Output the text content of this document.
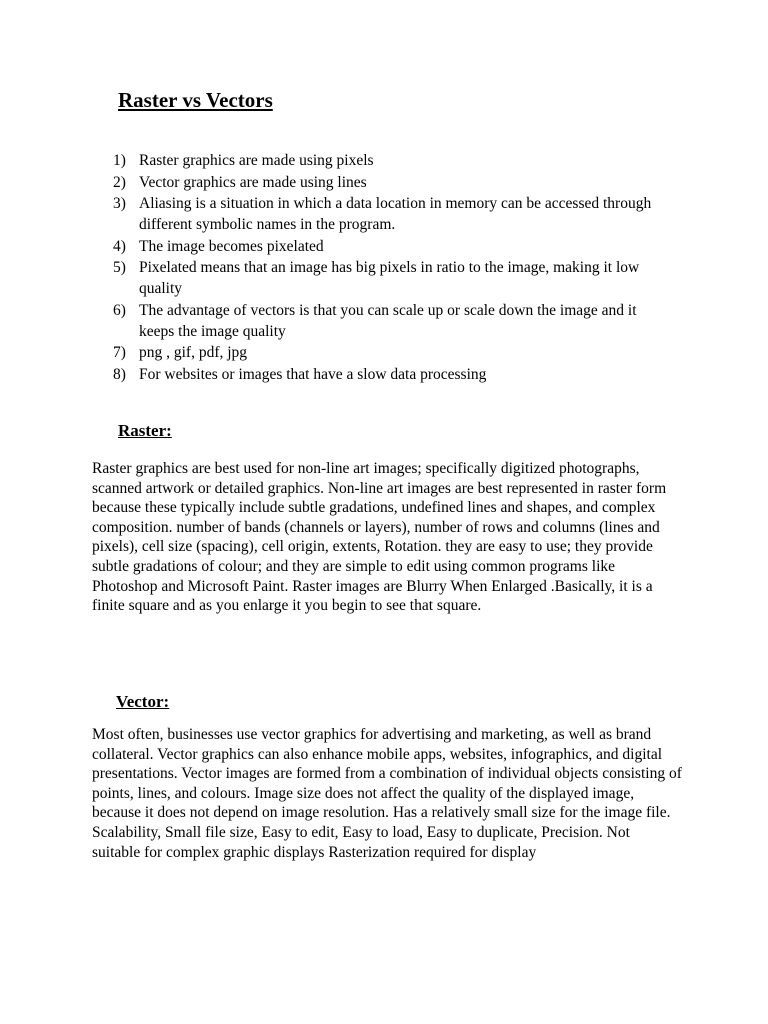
Raster vs Vectors
1) Raster graphics are made using pixels
2) Vector graphics are made using lines
3) Aliasing is a situation in which a data location in memory can be accessed through different symbolic names in the program.
4) The image becomes pixelated
5) Pixelated means that an image has big pixels in ratio to the image, making it low quality
6) The advantage of vectors is that you can scale up or scale down the image and it keeps the image quality
7) png , gif, pdf, jpg
8) For websites or images that have a slow data processing
Raster:

Raster graphics are best used for non-line art images; specifically digitized photographs, scanned artwork or detailed graphics. Non-line art images are best represented in raster form because these typically include subtle gradations, undefined lines and shapes, and complex composition. number of bands (channels or layers), number of rows and columns (lines and pixels), cell size (spacing), cell origin, extents, Rotation. they are easy to use; they provide subtle gradations of colour; and they are simple to edit using common programs like Photoshop and Microsoft Paint. Raster images are Blurry When Enlarged .Basically, it is a finite square and as you enlarge it you begin to see that square.

Vector:

Most often, businesses use vector graphics for advertising and marketing, as well as brand collateral. Vector graphics can also enhance mobile apps, websites, infographics, and digital presentations. Vector images are formed from a combination of individual objects consisting of points, lines, and colours. Image size does not affect the quality of the displayed image, because it does not depend on image resolution. Has a relatively small size for the image file. Scalability, Small file size, Easy to edit, Easy to load, Easy to duplicate, Precision. Not suitable for complex graphic displays Rasterization required for display
